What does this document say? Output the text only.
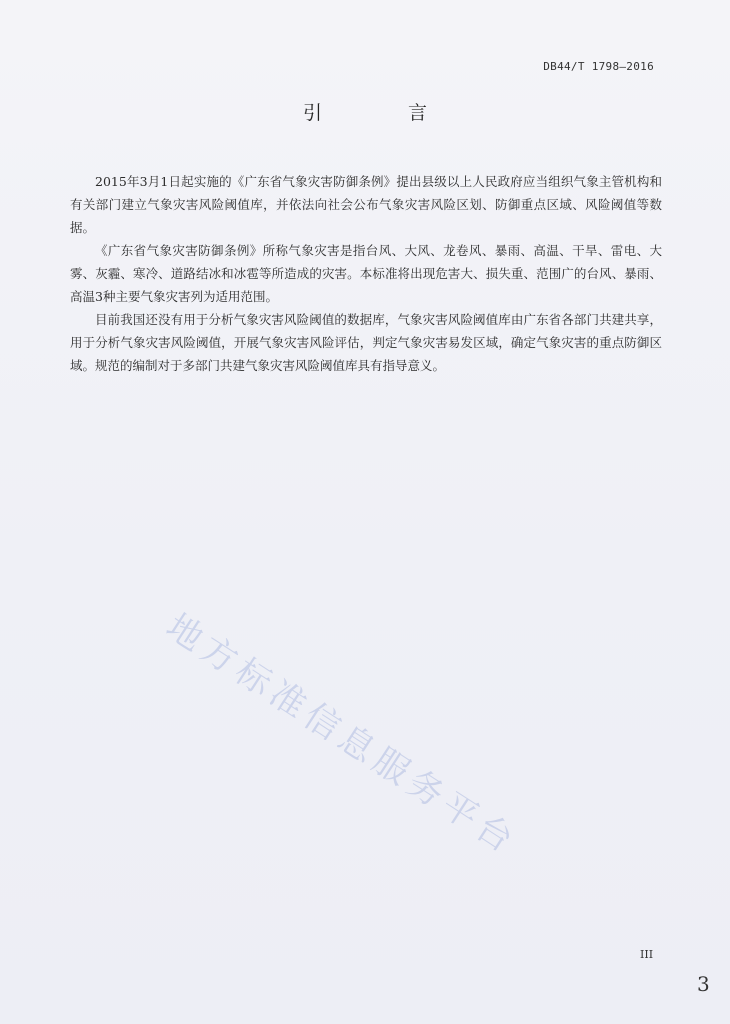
DB44/T 1798—2016
引 言

2015年3月1日起实施的《广东省气象灾害防御条例》提出县级以上人民政府应当组织气象主管机构和有关部门建立气象灾害风险阈值库，并依法向社会公布气象灾害风险区划、防御重点区域、风险阈值等数据。

《广东省气象灾害防御条例》所称气象灾害是指台风、大风、龙卷风、暴雨、高温、干旱、雷电、大雾、灰霾、寒冷、道路结冰和冰雹等所造成的灾害。本标准将出现危害大、损失重、范围广的台风、暴雨、高温3种主要气象灾害列为适用范围。

目前我国还没有用于分析气象灾害风险阈值的数据库，气象灾害风险阈值库由广东省各部门共建共享，用于分析气象灾害风险阈值，开展气象灾害风险评估，判定气象灾害易发区域，确定气象灾害的重点防御区域。规范的编制对于多部门共建气象灾害风险阈值库具有指导意义。

地方标准信息服务平台
III
3
